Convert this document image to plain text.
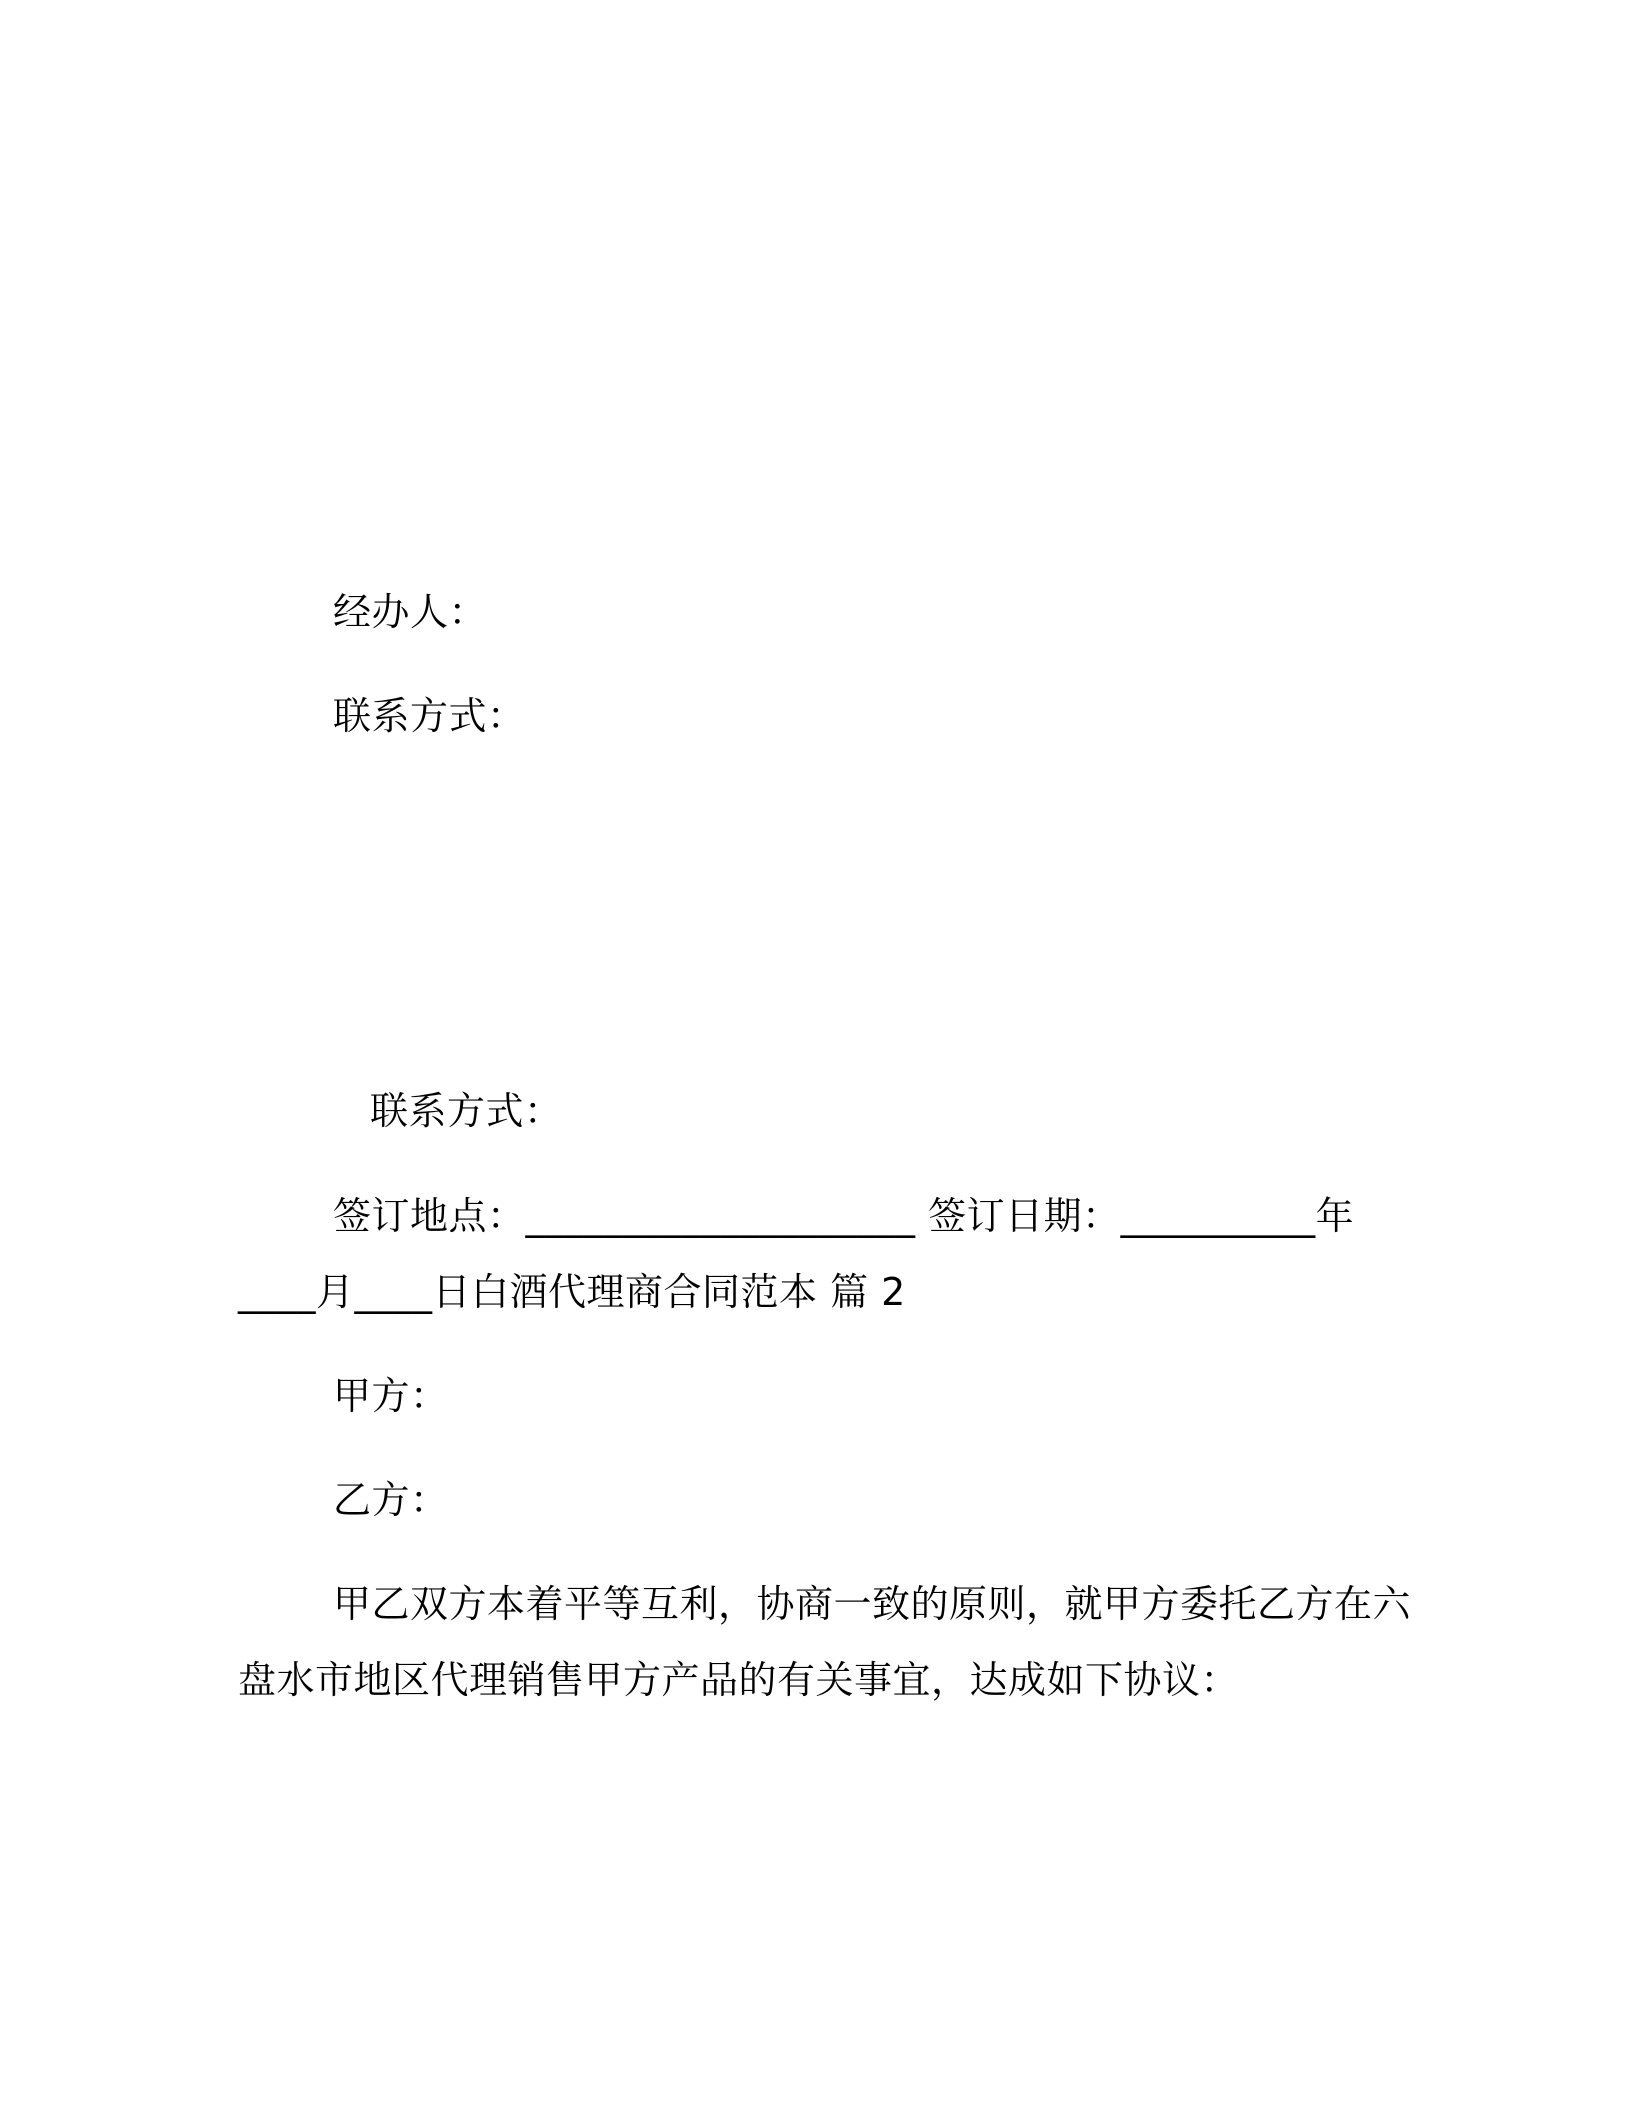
经办人：
联系方式：
联系方式：
签订地点：____________________ 签订日期：__________年
____月____日白酒代理商合同范本 篇 2
甲方：
乙方：
甲乙双方本着平等互利，协商一致的原则，就甲方委托乙方在六
盘水市地区代理销售甲方产品的有关事宜，达成如下协议：
